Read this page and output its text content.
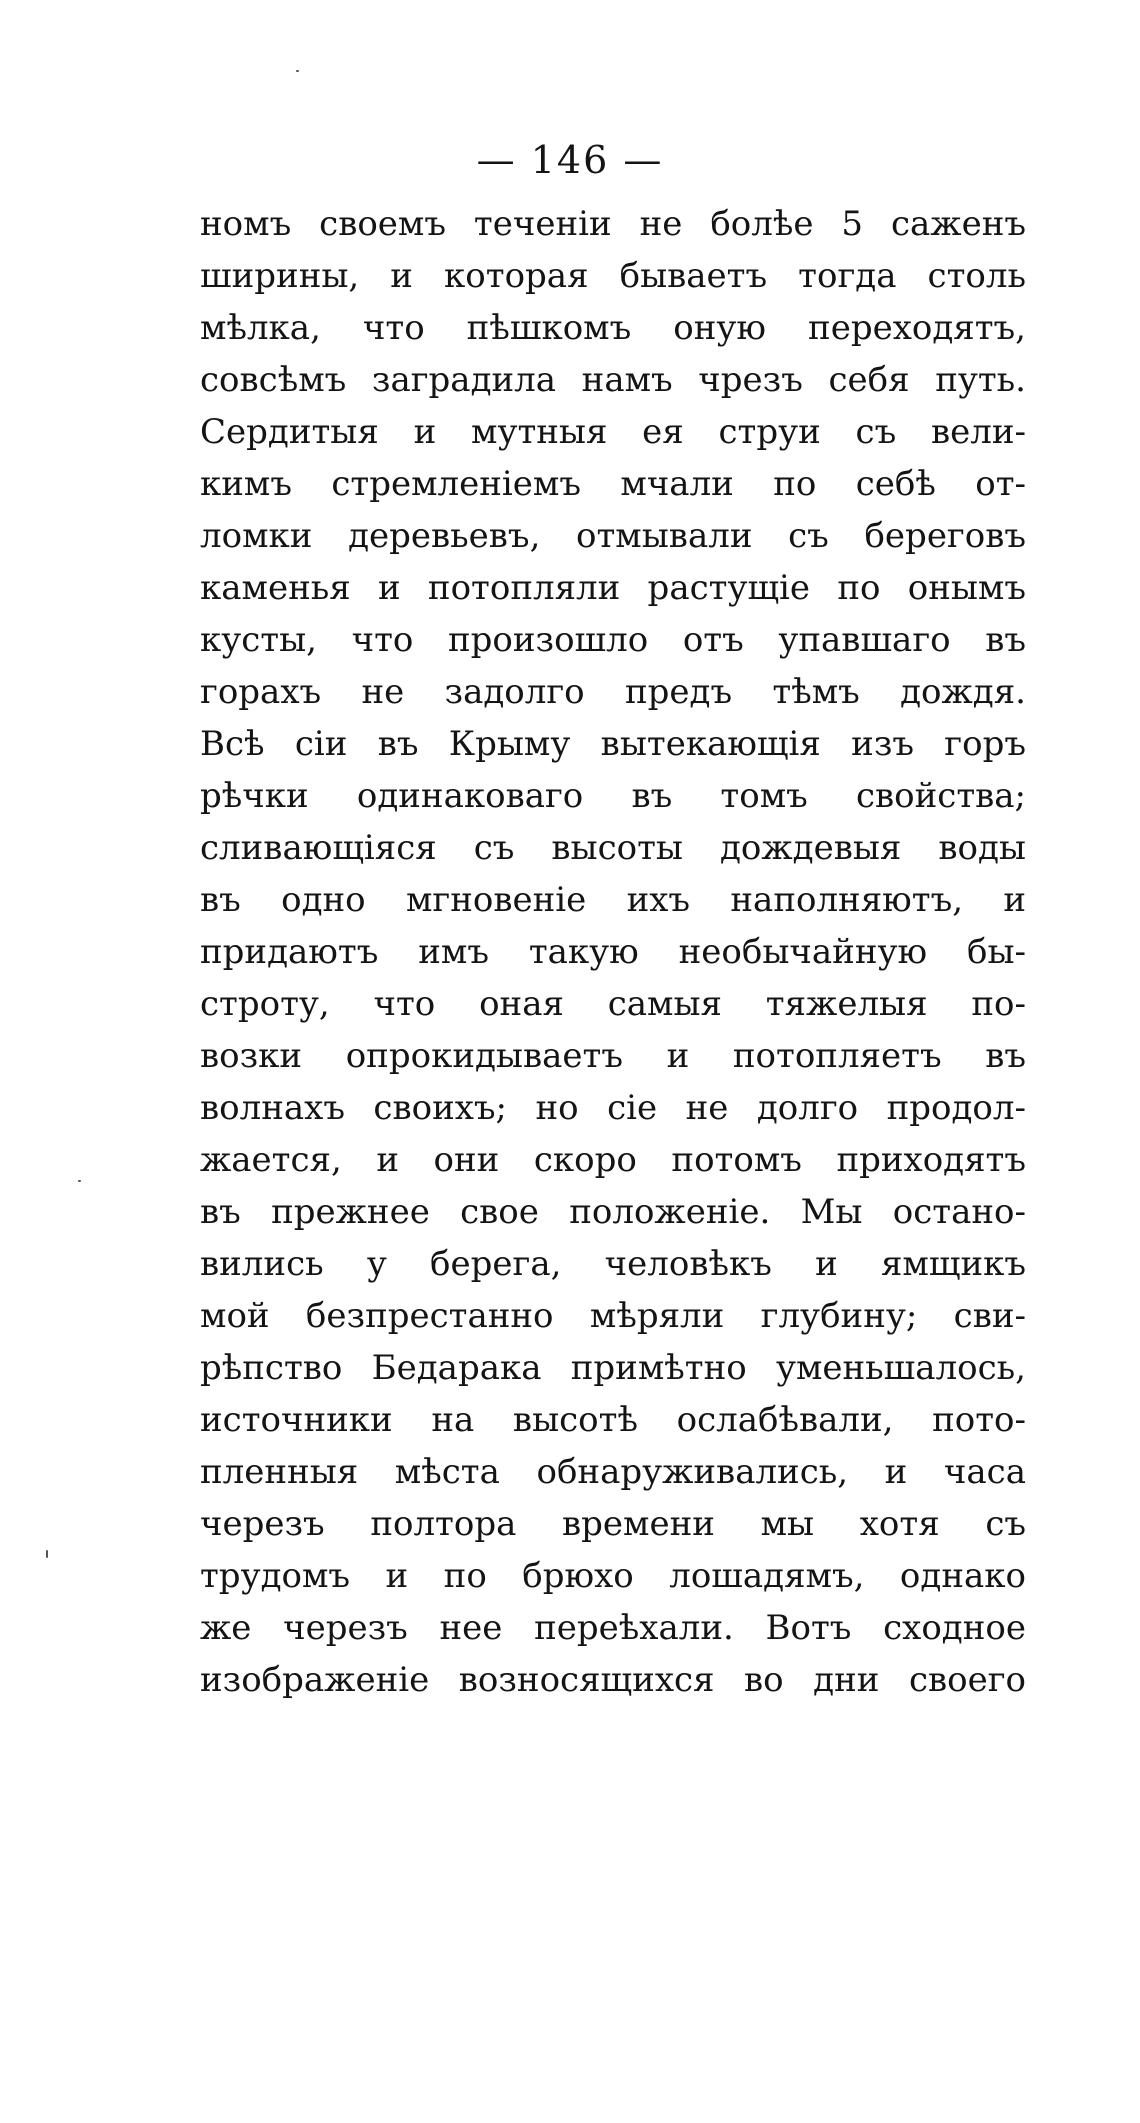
— 146 —
номъ своемъ теченіи не болѣе 5 саженъ
ширины, и которая бываетъ тогда столь
мѣлка, что пѣшкомъ оную переходятъ,
совсѣмъ заградила намъ чрезъ себя путь.
Сердитыя и мутныя ея струи съ вели-
кимъ стремленіемъ мчали по себѣ от-
ломки деревьевъ, отмывали съ береговъ
каменья и потопляли растущіе по онымъ
кусты, что произошло отъ упавшаго въ
горахъ не задолго предъ тѣмъ дождя.
Всѣ сіи въ Крыму вытекающія изъ горъ
рѣчки одинаковаго въ томъ свойства;
сливающіяся съ высоты дождевыя воды
въ одно мгновеніе ихъ наполняютъ, и
придаютъ имъ такую необычайную бы-
строту, что оная самыя тяжелыя по-
возки опрокидываетъ и потопляетъ въ
волнахъ своихъ; но сіе не долго продол-
жается, и они скоро потомъ приходятъ
въ прежнее свое положеніе. Мы остано-
вились у берега, человѣкъ и ямщикъ
мой безпрестанно мѣряли глубину; сви-
рѣпство Бедарака примѣтно уменьшалось,
источники на высотѣ ослабѣвали, пото-
пленныя мѣста обнаруживались, и часа
черезъ полтора времени мы хотя съ
трудомъ и по брюхо лошадямъ, однако
же черезъ нее переѣхали. Вотъ сходное
изображеніе возносящихся во дни своего
